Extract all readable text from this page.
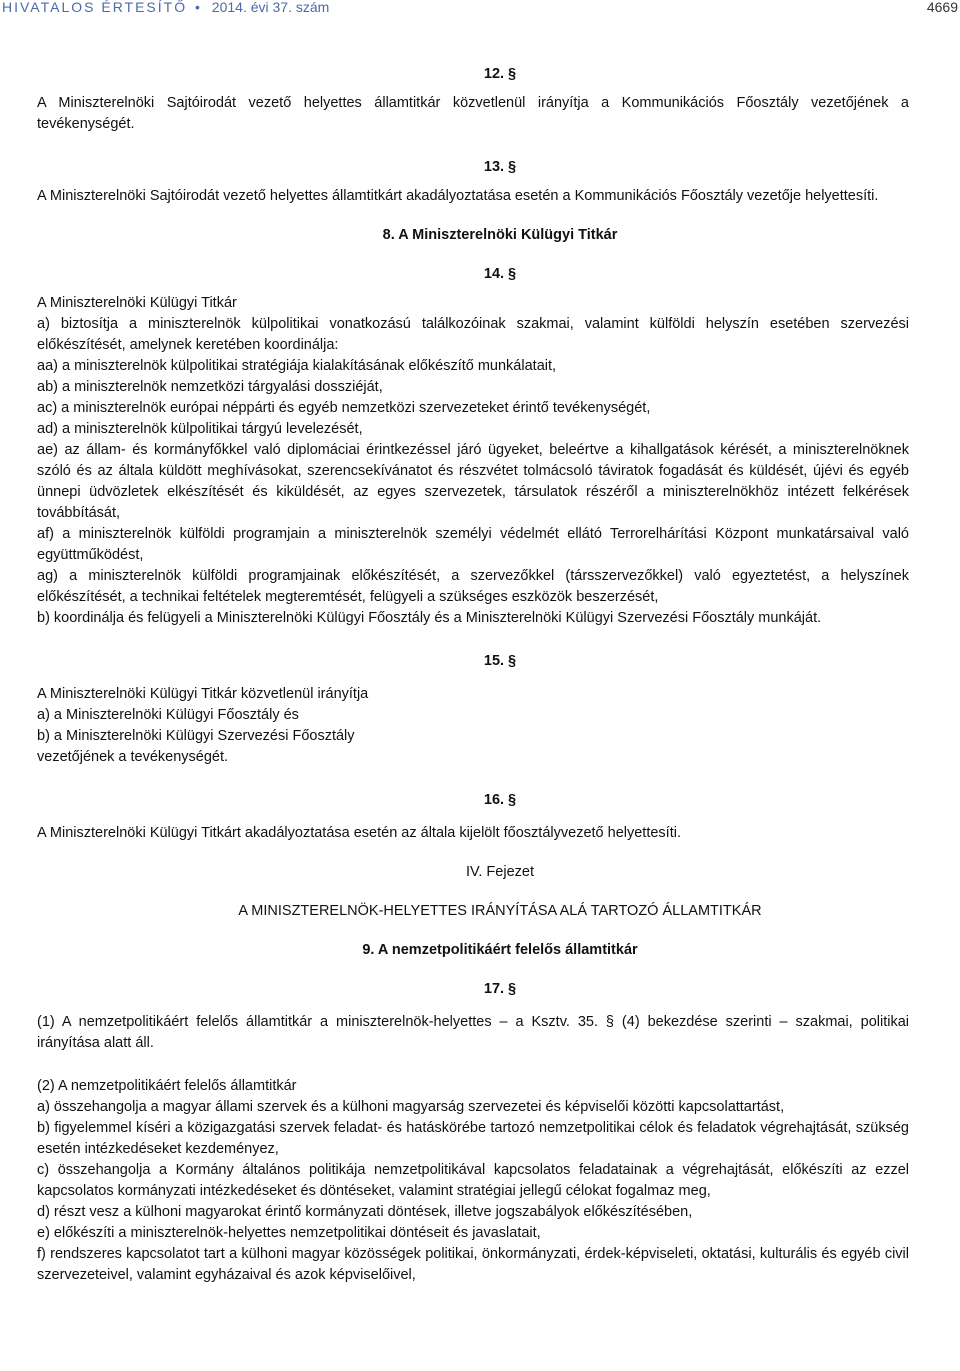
HIVATALOS ÉRTESÍTŐ • 2014. évi 37. szám	4669
12. §

A Miniszterelnöki Sajtóirodát vezető helyettes államtitkár közvetlenül irányítja a Kommunikációs Főosztály vezetőjének a tevékenységét.

13. §

A Miniszterelnöki Sajtóirodát vezető helyettes államtitkárt akadályoztatása esetén a Kommunikációs Főosztály vezetője helyettesíti.

8. A Miniszterelnöki Külügyi Titkár
14. §

A Miniszterelnöki Külügyi Titkár

a) biztosítja a miniszterelnök külpolitikai vonatkozású találkozóinak szakmai, valamint külföldi helyszín esetében szervezési előkészítését, amelynek keretében koordinálja:

aa) a miniszterelnök külpolitikai stratégiája kialakításának előkészítő munkálatait,

ab) a miniszterelnök nemzetközi tárgyalási dossziéját,

ac) a miniszterelnök európai néppárti és egyéb nemzetközi szervezeteket érintő tevékenységét,

ad) a miniszterelnök külpolitikai tárgyú levelezését,

ae) az állam- és kormányfőkkel való diplomáciai érintkezéssel járó ügyeket, beleértve a kihallgatások kérését, a miniszterelnöknek szóló és az általa küldött meghívásokat, szerencsekívánatot és részvétet tolmácsoló táviratok fogadását és küldését, újévi és egyéb ünnepi üdvözletek elkészítését és kiküldését, az egyes szervezetek, társulatok részéről a miniszterelnökhöz intézett felkérések továbbítását,

af) a miniszterelnök külföldi programjain a miniszterelnök személyi védelmét ellátó Terrorelhárítási Központ munkatársaival való együttműködést,

ag) a miniszterelnök külföldi programjainak előkészítését, a szervezőkkel (társszervezőkkel) való egyeztetést, a helyszínek előkészítését, a technikai feltételek megteremtését, felügyeli a szükséges eszközök beszerzését,

b) koordinálja és felügyeli a Miniszterelnöki Külügyi Főosztály és a Miniszterelnöki Külügyi Szervezési Főosztály munkáját.

15. §

A Miniszterelnöki Külügyi Titkár közvetlenül irányítja

a) a Miniszterelnöki Külügyi Főosztály és

b) a Miniszterelnöki Külügyi Szervezési Főosztály

vezetőjének a tevékenységét.

16. §

A Miniszterelnöki Külügyi Titkárt akadályoztatása esetén az általa kijelölt főosztályvezető helyettesíti.

IV. Fejezet
A MINISZTERELNÖK-HELYETTES IRÁNYÍTÁSA ALÁ TARTOZÓ ÁLLAMTITKÁR
9. A nemzetpolitikáért felelős államtitkár
17. §

(1) A nemzetpolitikáért felelős államtitkár a miniszterelnök-helyettes – a Ksztv. 35. § (4) bekezdése szerinti – szakmai, politikai irányítása alatt áll.

(2) A nemzetpolitikáért felelős államtitkár

a) összehangolja a magyar állami szervek és a külhoni magyarság szervezetei és képviselői közötti kapcsolattartást,

b) figyelemmel kíséri a közigazgatási szervek feladat- és hatáskörébe tartozó nemzetpolitikai célok és feladatok végrehajtását, szükség esetén intézkedéseket kezdeményez,

c) összehangolja a Kormány általános politikája nemzetpolitikával kapcsolatos feladatainak a végrehajtását, előkészíti az ezzel kapcsolatos kormányzati intézkedéseket és döntéseket, valamint stratégiai jellegű célokat fogalmaz meg,

d) részt vesz a külhoni magyarokat érintő kormányzati döntések, illetve jogszabályok előkészítésében,

e) előkészíti a miniszterelnök-helyettes nemzetpolitikai döntéseit és javaslatait,

f) rendszeres kapcsolatot tart a külhoni magyar közösségek politikai, önkormányzati, érdek-képviseleti, oktatási, kulturális és egyéb civil szervezeteivel, valamint egyházaival és azok képviselőivel,
